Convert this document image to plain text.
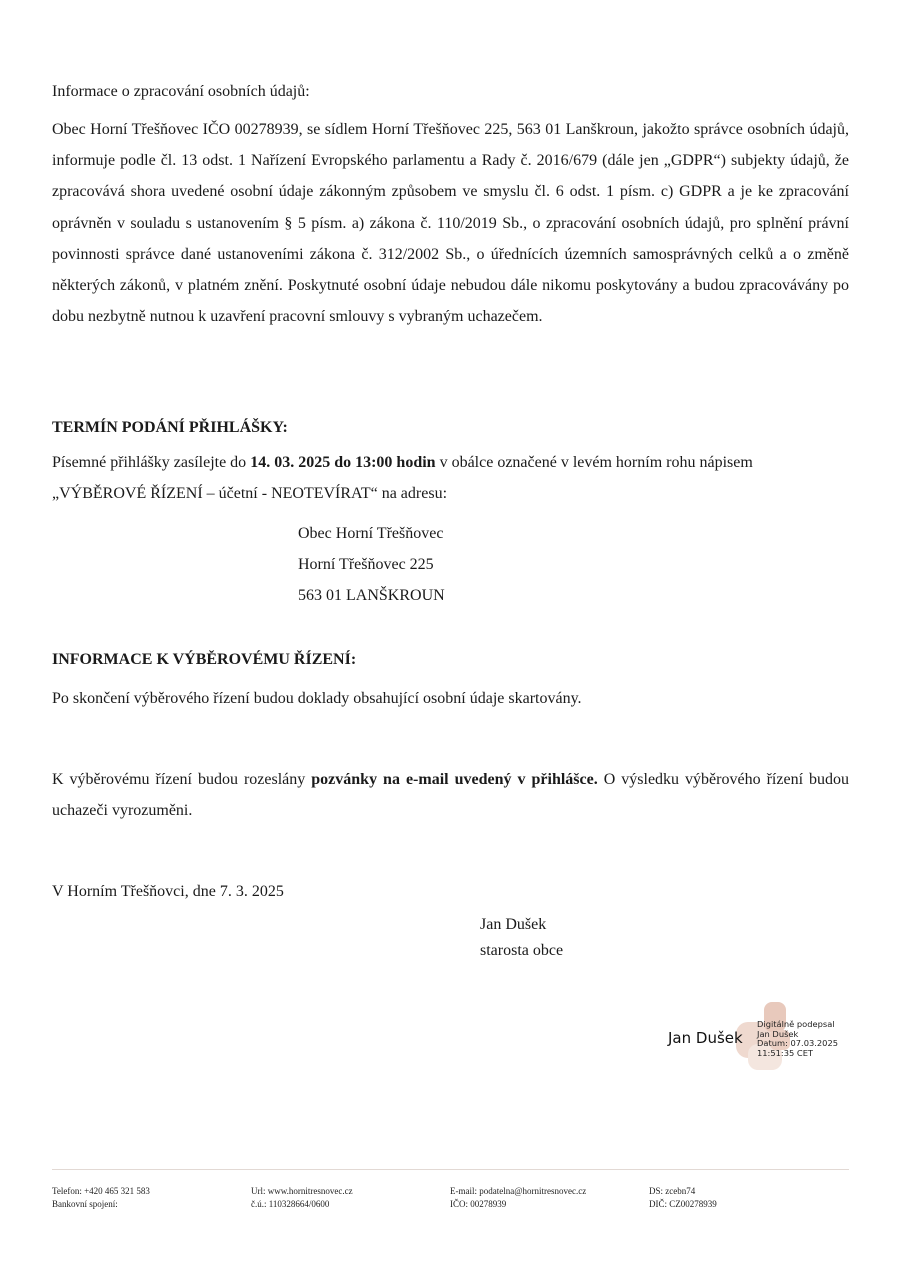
Informace o zpracování osobních údajů:

Obec Horní Třešňovec IČO 00278939, se sídlem Horní Třešňovec 225, 563 01 Lanškroun, jakožto správce osobních údajů, informuje podle čl. 13 odst. 1 Nařízení Evropského parlamentu a Rady č. 2016/679 (dále jen „GDPR“) subjekty údajů, že zpracovává shora uvedené osobní údaje zákonným způsobem ve smyslu čl. 6 odst. 1 písm. c) GDPR a je ke zpracování oprávněn v souladu s ustanovením § 5 písm. a) zákona č. 110/2019 Sb., o zpracování osobních údajů, pro splnění právní povinnosti správce dané ustanoveními zákona č. 312/2002 Sb., o úřednících územních samosprávných celků a o změně některých zákonů, v platném znění. Poskytnuté osobní údaje nebudou dále nikomu poskytovány a budou zpracovávány po dobu nezbytně nutnou k uzavření pracovní smlouvy s vybraným uchazečem.

TERMÍN PODÁNÍ PŘIHLÁŠKY:

Písemné přihlášky zasílejte do 14. 03. 2025 do 13:00 hodin v obálce označené v levém horním rohu nápisem „VÝBĚROVÉ ŘÍZENÍ – účetní - NEOTEVÍRAT“ na adresu:

Obec Horní Třešňovec
Horní Třešňovec 225
563 01 LANŠKROUN

INFORMACE K VÝBĚROVÉMU ŘÍZENÍ:

Po skončení výběrového řízení budou doklady obsahující osobní údaje skartovány.

K výběrovému řízení budou rozeslány pozvánky na e-mail uvedený v přihlášce. O výsledku výběrového řízení budou uchazeči vyrozuměni.

V Horním Třešňovci, dne 7. 3. 2025

Jan Dušek
starosta obce
Jan Dušek
Digitálně podepsal
Jan Dušek
Datum: 07.03.2025
11:51:35 CET
Telefon: +420 465 321 583
Bankovní spojení:
Url: www.hornitresnovec.cz
č.ú.: 110328664/0600
E-mail: podatelna@hornitresnovec.cz
IČO: 00278939
DS: zcebn74
DIČ: CZ00278939
